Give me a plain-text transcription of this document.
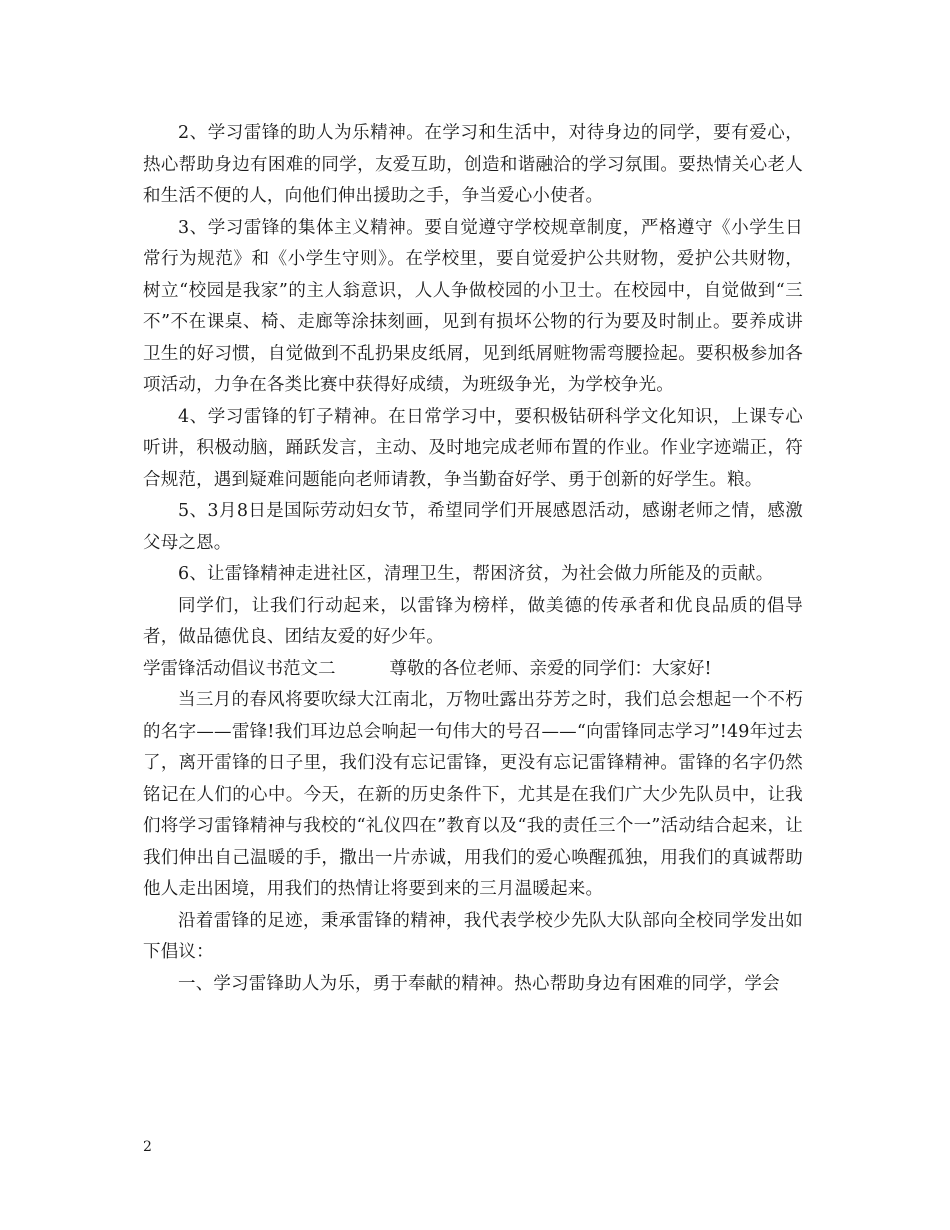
2、学习雷锋的助人为乐精神。在学习和生活中，对待身边的同学，要有爱心，热心帮助身边有困难的同学，友爱互助，创造和谐融洽的学习氛围。要热情关心老人和生活不便的人，向他们伸出援助之手，争当爱心小使者。

3、学习雷锋的集体主义精神。要自觉遵守学校规章制度，严格遵守《小学生日常行为规范》和《小学生守则》。在学校里，要自觉爱护公共财物，爱护公共财物，树立“校园是我家”的主人翁意识，人人争做校园的小卫士。在校园中，自觉做到“三不”不在课桌、椅、走廊等涂抹刻画，见到有损坏公物的行为要及时制止。要养成讲卫生的好习惯，自觉做到不乱扔果皮纸屑，见到纸屑赃物需弯腰捡起。要积极参加各项活动，力争在各类比赛中获得好成绩，为班级争光，为学校争光。

4、学习雷锋的钉子精神。在日常学习中，要积极钻研科学文化知识，上课专心听讲，积极动脑，踊跃发言，主动、及时地完成老师布置的作业。作业字迹端正，符合规范，遇到疑难问题能向老师请教，争当勤奋好学、勇于创新的好学生。粮。

5、3月8日是国际劳动妇女节，希望同学们开展感恩活动，感谢老师之情，感激父母之恩。

6、让雷锋精神走进社区，清理卫生，帮困济贫，为社会做力所能及的贡献。

同学们，让我们行动起来，以雷锋为榜样，做美德的传承者和优良品质的倡导者，做品德优良、团结友爱的好少年。

学雷锋活动倡议书范文二	尊敬的各位老师、亲爱的同学们：大家好!

当三月的春风将要吹绿大江南北，万物吐露出芬芳之时，我们总会想起一个不朽的名字——雷锋!我们耳边总会响起一句伟大的号召——“向雷锋同志学习”!49年过去了，离开雷锋的日子里，我们没有忘记雷锋，更没有忘记雷锋精神。雷锋的名字仍然铭记在人们的心中。今天，在新的历史条件下，尤其是在我们广大少先队员中，让我们将学习雷锋精神与我校的“礼仪四在”教育以及“我的责任三个一”活动结合起来，让我们伸出自己温暖的手，撒出一片赤诚，用我们的爱心唤醒孤独，用我们的真诚帮助他人走出困境，用我们的热情让将要到来的三月温暖起来。

沿着雷锋的足迹，秉承雷锋的精神，我代表学校少先队大队部向全校同学发出如下倡议：

一、学习雷锋助人为乐，勇于奉献的精神。热心帮助身边有困难的同学，学会

2
